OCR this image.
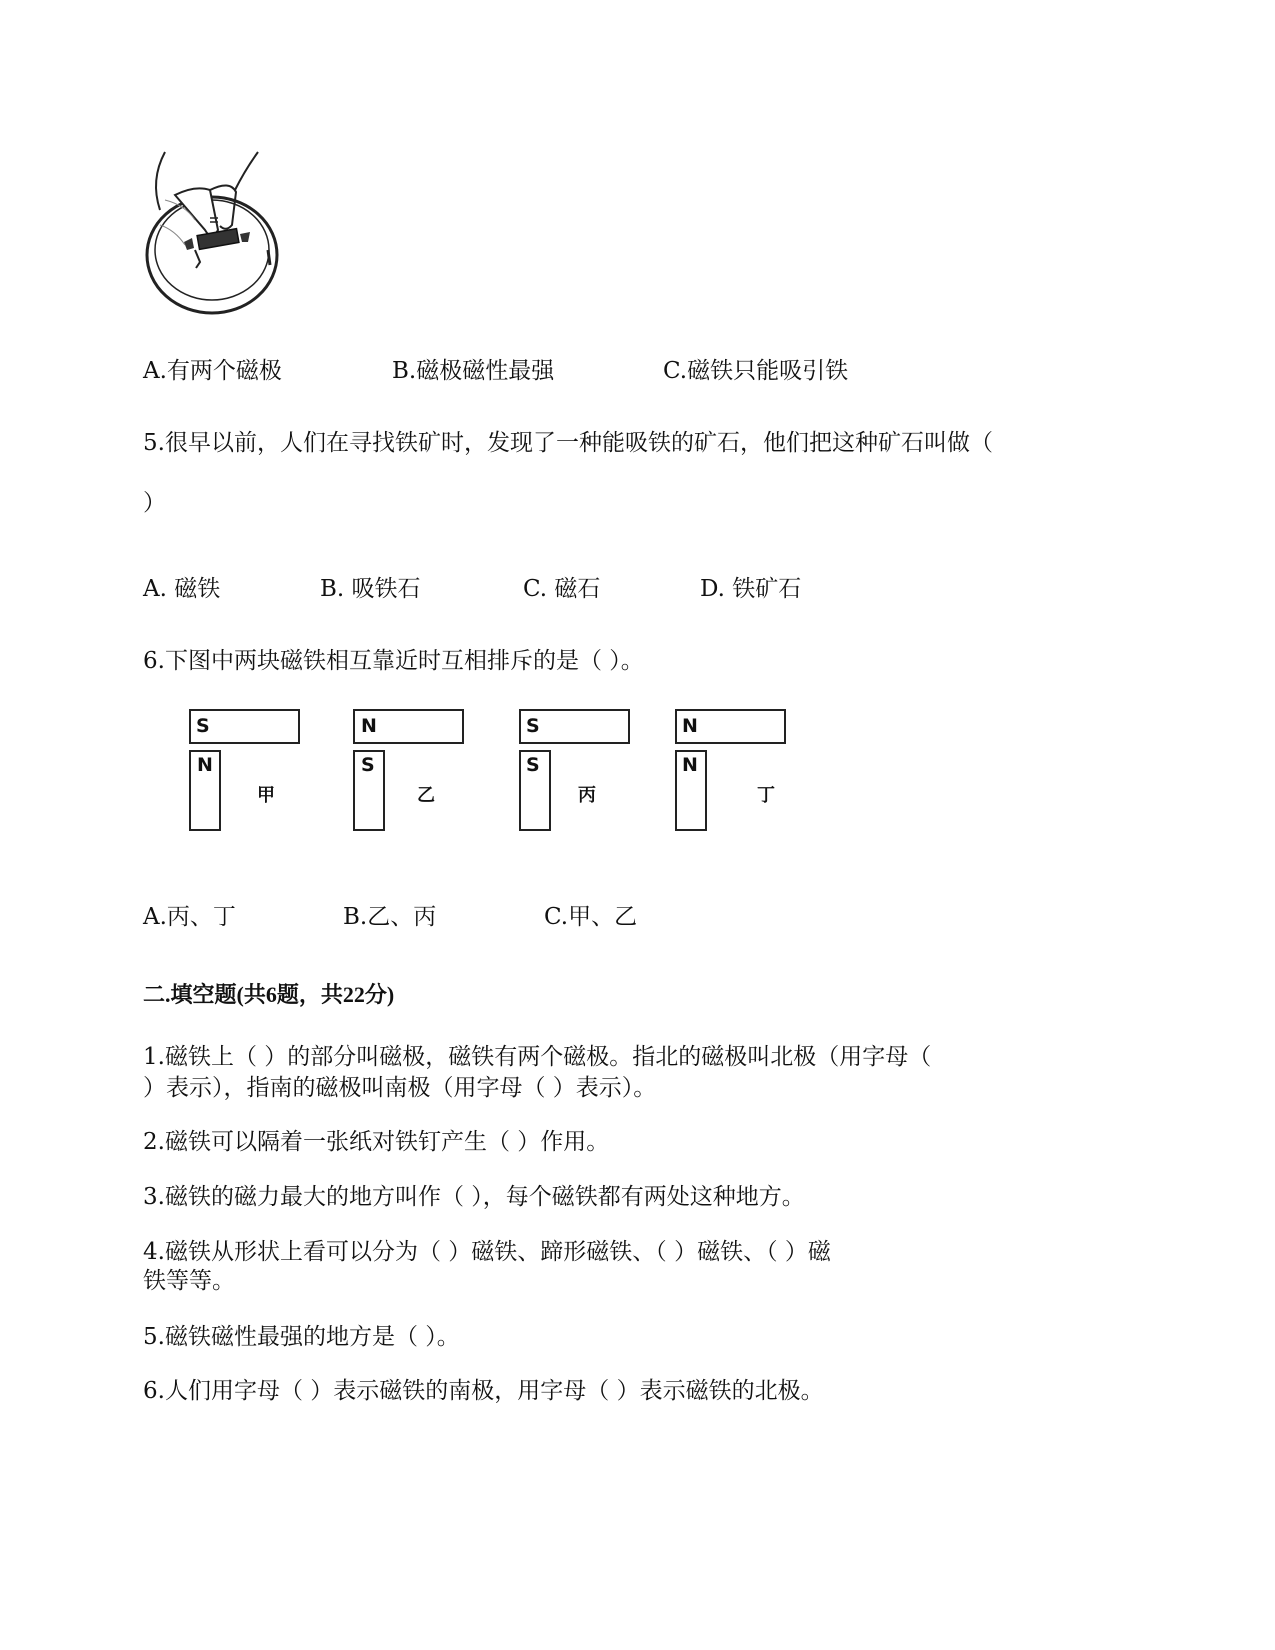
A.有两个磁极	B.磁极磁性最强	C.磁铁只能吸引铁
5.很早以前，人们在寻找铁矿时，发现了一种能吸铁的矿石，他们把这种矿石叫做（
）
A. 磁铁	B. 吸铁石	C. 磁石	D. 铁矿石
6.下图中两块磁铁相互靠近时互相排斥的是（ ）。
S
N
甲
N
S
乙
S
S
丙
N
N
丁
A.丙、丁	B.乙、丙	C.甲、乙
二.填空题(共6题，共22分)
1.磁铁上（ ）的部分叫磁极，磁铁有两个磁极。指北的磁极叫北极（用字母（
）表示），指南的磁极叫南极（用字母（ ）表示）。
2.磁铁可以隔着一张纸对铁钉产生（ ）作用。
3.磁铁的磁力最大的地方叫作（ ），每个磁铁都有两处这种地方。
4.磁铁从形状上看可以分为（ ）磁铁、蹄形磁铁、（ ）磁铁、（ ）磁
铁等等。
5.磁铁磁性最强的地方是（ ）。
6.人们用字母（ ）表示磁铁的南极，用字母（ ）表示磁铁的北极。
